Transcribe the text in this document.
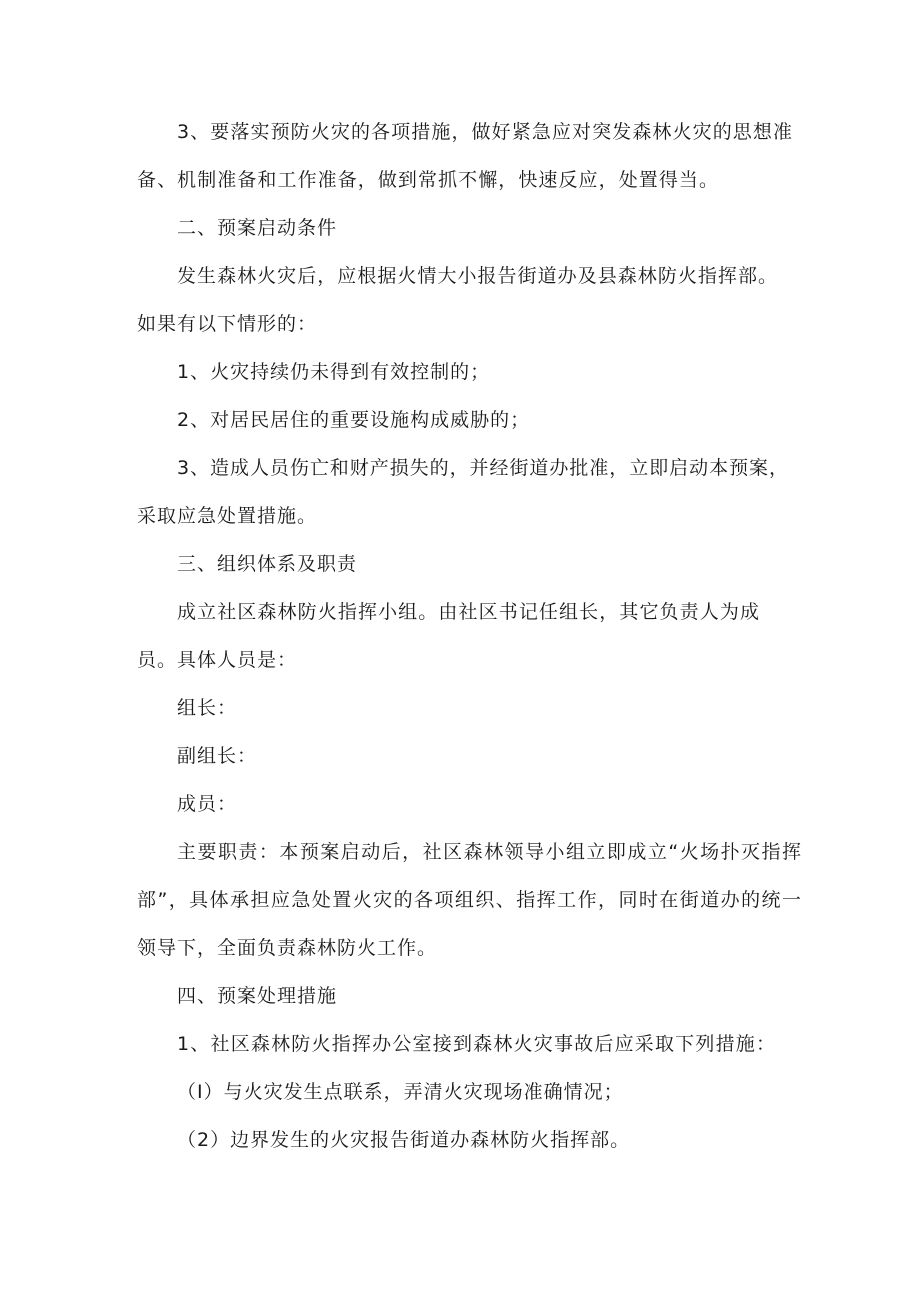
3、要落实预防火灾的各项措施，做好紧急应对突发森林火灾的思想准
备、机制准备和工作准备，做到常抓不懈，快速反应，处置得当。
二、预案启动条件
发生森林火灾后，应根据火情大小报告街道办及县森林防火指挥部。
如果有以下情形的：
1、火灾持续仍未得到有效控制的；
2、对居民居住的重要设施构成威胁的；
3、造成人员伤亡和财产损失的，并经街道办批准，立即启动本预案，
采取应急处置措施。
三、组织体系及职责
成立社区森林防火指挥小组。由社区书记任组长，其它负责人为成
员。具体人员是：
组长：
副组长：
成员：
主要职责：本预案启动后，社区森林领导小组立即成立“火场扑灭指挥
部”，具体承担应急处置火灾的各项组织、指挥工作，同时在街道办的统一
领导下，全面负责森林防火工作。
四、预案处理措施
1、社区森林防火指挥办公室接到森林火灾事故后应采取下列措施：
（I）与火灾发生点联系，弄清火灾现场准确情况；
（2）边界发生的火灾报告街道办森林防火指挥部。
